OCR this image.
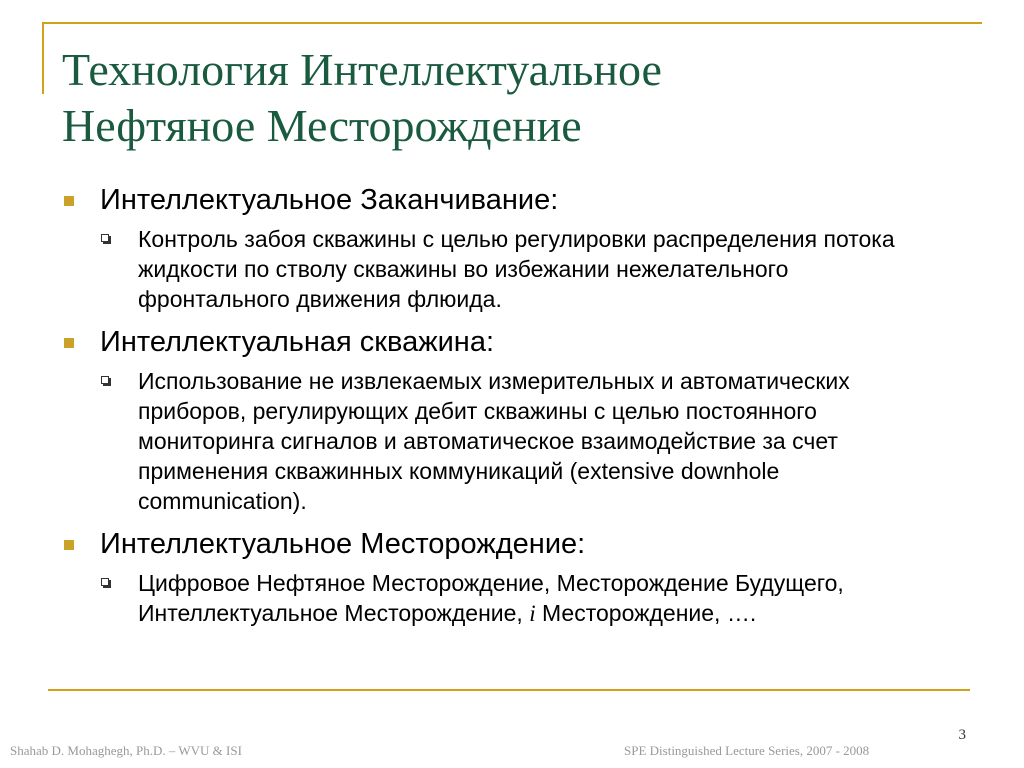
Технология Интеллектуальное
Нефтяное Месторождение
Интеллектуальное Заканчивание:
Контроль забоя скважины с целью регулировки распределения потока жидкости по стволу скважины во избежании нежелательного фронтального движения флюида.
Интеллектуальная скважина:
Использование не извлекаемых измерительных и автоматических приборов, регулирующих дебит скважины с целью постоянного мониторинга сигналов и автоматическое взаимодействие за счет применения скважинных коммуникаций (extensive downhole communication).
Интеллектуальное Месторождение:
Цифровое Нефтяное Месторождение, Месторождение Будущего, Интеллектуальное Месторождение, i Месторождение, ….
3
Shahab D. Mohaghegh, Ph.D. – WVU & ISI	SPE Distinguished Lecture Series, 2007 - 2008
